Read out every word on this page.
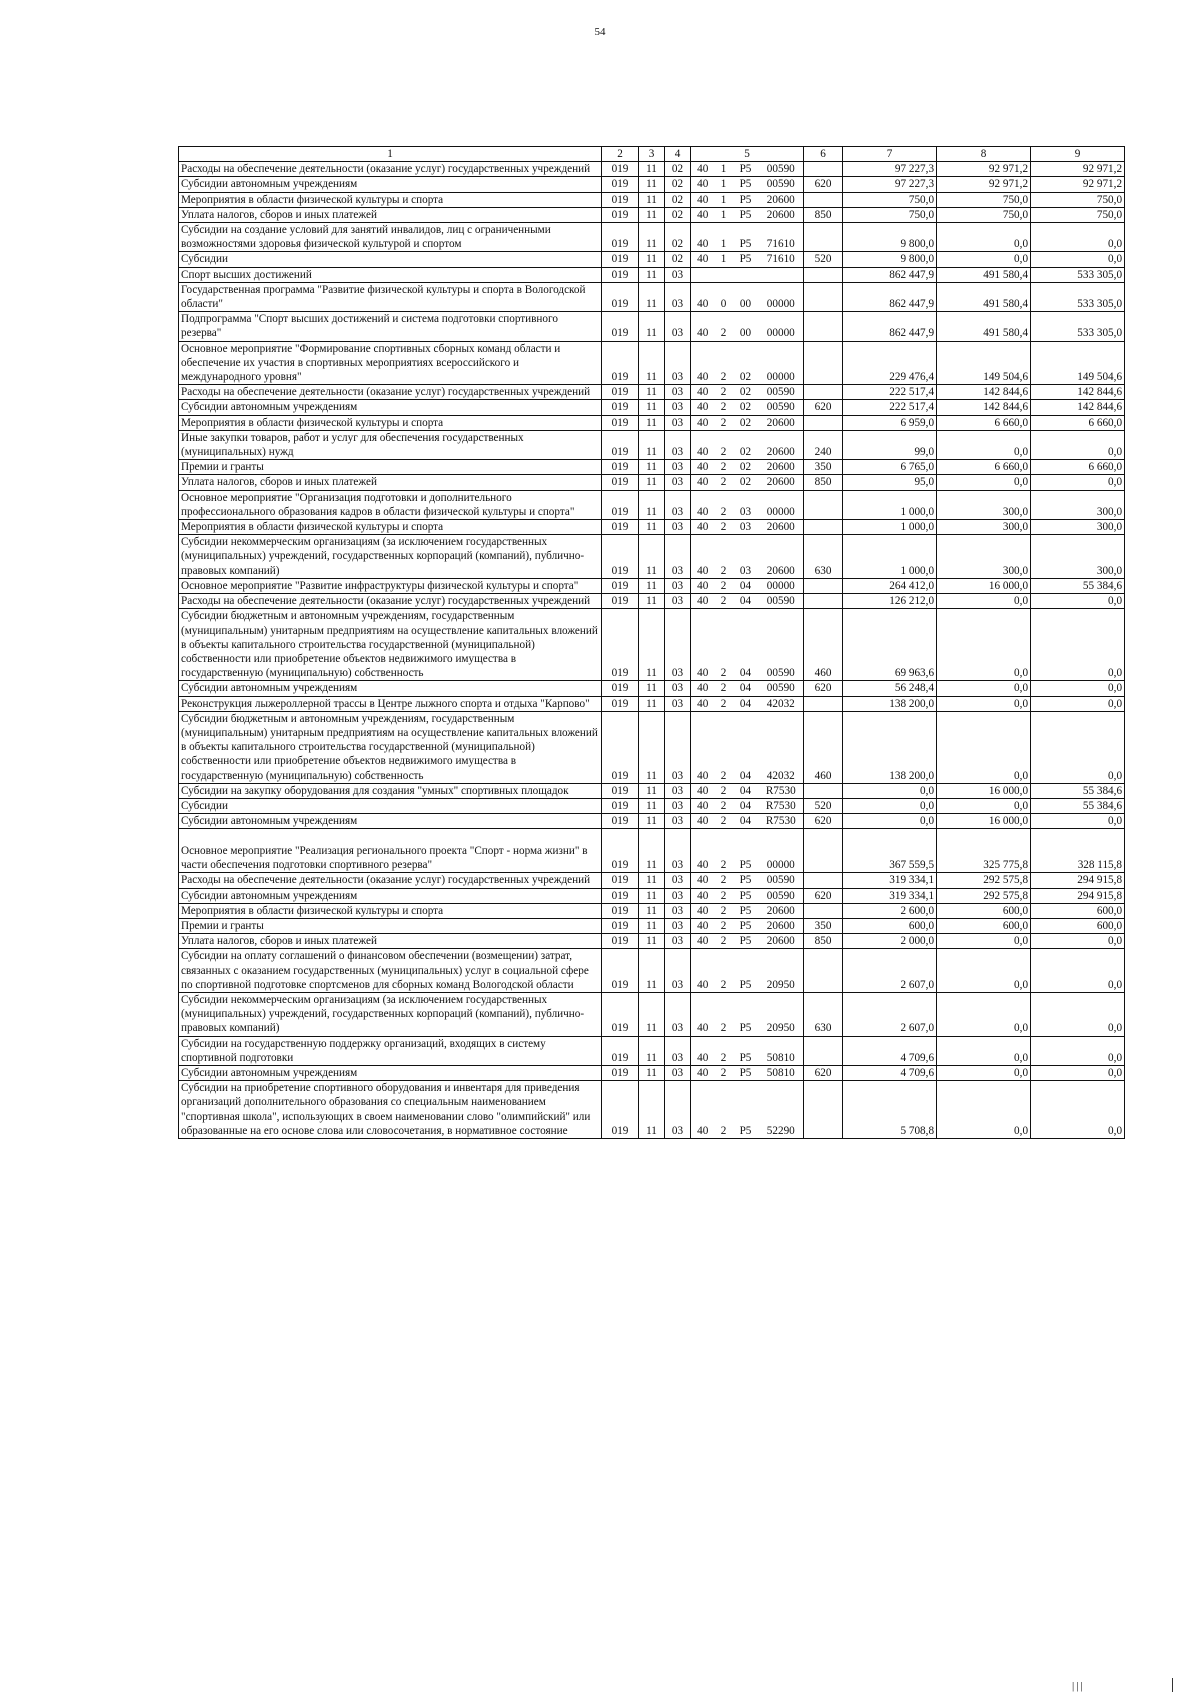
54
1	2	3	4	5				6	7	8	9
Расходы на обеспечение деятельности (оказание услуг) государственных учреждений	019	11	02	40	1	P5	00590		97 227,3	92 971,2	92 971,2
Субсидии автономным учреждениям	019	11	02	40	1	P5	00590	620	97 227,3	92 971,2	92 971,2
Мероприятия в области физической культуры и спорта	019	11	02	40	1	P5	20600		750,0	750,0	750,0
Уплата налогов, сборов и иных платежей	019	11	02	40	1	P5	20600	850	750,0	750,0	750,0
Субсидии на создание условий для занятий инвалидов, лиц с ограниченными возможностями здоровья физической культурой и спортом	019	11	02	40	1	P5	71610		9 800,0	0,0	0,0
Субсидии	019	11	02	40	1	P5	71610	520	9 800,0	0,0	0,0
Спорт высших достижений	019	11	03						862 447,9	491 580,4	533 305,0
Государственная программа "Развитие физической культуры и спорта в Вологодской области"	019	11	03	40	0	00	00000		862 447,9	491 580,4	533 305,0
Подпрограмма "Спорт высших достижений и система подготовки спортивного резерва"	019	11	03	40	2	00	00000		862 447,9	491 580,4	533 305,0
Основное мероприятие "Формирование спортивных сборных команд области и обеспечение их участия в спортивных мероприятиях всероссийского и международного уровня"	019	11	03	40	2	02	00000		229 476,4	149 504,6	149 504,6
Расходы на обеспечение деятельности (оказание услуг) государственных учреждений	019	11	03	40	2	02	00590		222 517,4	142 844,6	142 844,6
Субсидии автономным учреждениям	019	11	03	40	2	02	00590	620	222 517,4	142 844,6	142 844,6
Мероприятия в области физической культуры и спорта	019	11	03	40	2	02	20600		6 959,0	6 660,0	6 660,0
Иные закупки товаров, работ и услуг для обеспечения государственных (муниципальных) нужд	019	11	03	40	2	02	20600	240	99,0	0,0	0,0
Премии и гранты	019	11	03	40	2	02	20600	350	6 765,0	6 660,0	6 660,0
Уплата налогов, сборов и иных платежей	019	11	03	40	2	02	20600	850	95,0	0,0	0,0
Основное мероприятие "Организация подготовки и дополнительного профессионального образования кадров в области физической культуры и спорта"	019	11	03	40	2	03	00000		1 000,0	300,0	300,0
Мероприятия в области физической культуры и спорта	019	11	03	40	2	03	20600		1 000,0	300,0	300,0
Субсидии некоммерческим организациям (за исключением государственных (муниципальных) учреждений, государственных корпораций (компаний), публично-правовых компаний)	019	11	03	40	2	03	20600	630	1 000,0	300,0	300,0
Основное мероприятие "Развитие инфраструктуры физической культуры и спорта"	019	11	03	40	2	04	00000		264 412,0	16 000,0	55 384,6
Расходы на обеспечение деятельности (оказание услуг) государственных учреждений	019	11	03	40	2	04	00590		126 212,0	0,0	0,0
Субсидии бюджетным и автономным учреждениям, государственным (муниципальным) унитарным предприятиям на осуществление капитальных вложений в объекты капитального строительства государственной (муниципальной) собственности или приобретение объектов недвижимого имущества в государственную (муниципальную) собственность	019	11	03	40	2	04	00590	460	69 963,6	0,0	0,0
Субсидии автономным учреждениям	019	11	03	40	2	04	00590	620	56 248,4	0,0	0,0
Реконструкция лыжероллерной трассы в Центре лыжного спорта и отдыха "Карпово"	019	11	03	40	2	04	42032		138 200,0	0,0	0,0
Субсидии бюджетным и автономным учреждениям, государственным (муниципальным) унитарным предприятиям на осуществление капитальных вложений в объекты капитального строительства государственной (муниципальной) собственности или приобретение объектов недвижимого имущества в государственную (муниципальную) собственность	019	11	03	40	2	04	42032	460	138 200,0	0,0	0,0
Субсидии на закупку оборудования для создания "умных" спортивных площадок	019	11	03	40	2	04	R7530		0,0	16 000,0	55 384,6
Субсидии	019	11	03	40	2	04	R7530	520	0,0	0,0	55 384,6
Субсидии автономным учреждениям	019	11	03	40	2	04	R7530	620	0,0	16 000,0	0,0
Основное мероприятие "Реализация регионального проекта "Спорт - норма жизни" в части обеспечения подготовки спортивного резерва"	019	11	03	40	2	P5	00000		367 559,5	325 775,8	328 115,8
Расходы на обеспечение деятельности (оказание услуг) государственных учреждений	019	11	03	40	2	P5	00590		319 334,1	292 575,8	294 915,8
Субсидии автономным учреждениям	019	11	03	40	2	P5	00590	620	319 334,1	292 575,8	294 915,8
Мероприятия в области физической культуры и спорта	019	11	03	40	2	P5	20600		2 600,0	600,0	600,0
Премии и гранты	019	11	03	40	2	P5	20600	350	600,0	600,0	600,0
Уплата налогов, сборов и иных платежей	019	11	03	40	2	P5	20600	850	2 000,0	0,0	0,0
Субсидии на оплату соглашений о финансовом обеспечении (возмещении) затрат, связанных с оказанием государственных (муниципальных) услуг в социальной сфере по спортивной подготовке спортсменов для сборных команд Вологодской области	019	11	03	40	2	P5	20950		2 607,0	0,0	0,0
Субсидии некоммерческим организациям (за исключением государственных (муниципальных) учреждений, государственных корпораций (компаний), публично-правовых компаний)	019	11	03	40	2	P5	20950	630	2 607,0	0,0	0,0
Субсидии на государственную поддержку организаций, входящих в систему спортивной подготовки	019	11	03	40	2	P5	50810		4 709,6	0,0	0,0
Субсидии автономным учреждениям	019	11	03	40	2	P5	50810	620	4 709,6	0,0	0,0
Субсидии на приобретение спортивного оборудования и инвентаря для приведения организаций дополнительного образования со специальным наименованием "спортивная школа", использующих в своем наименовании слово "олимпийский" или образованные на его основе слова или словосочетания, в нормативное состояние	019	11	03	40	2	P5	52290		5 708,8	0,0	0,0
|||
